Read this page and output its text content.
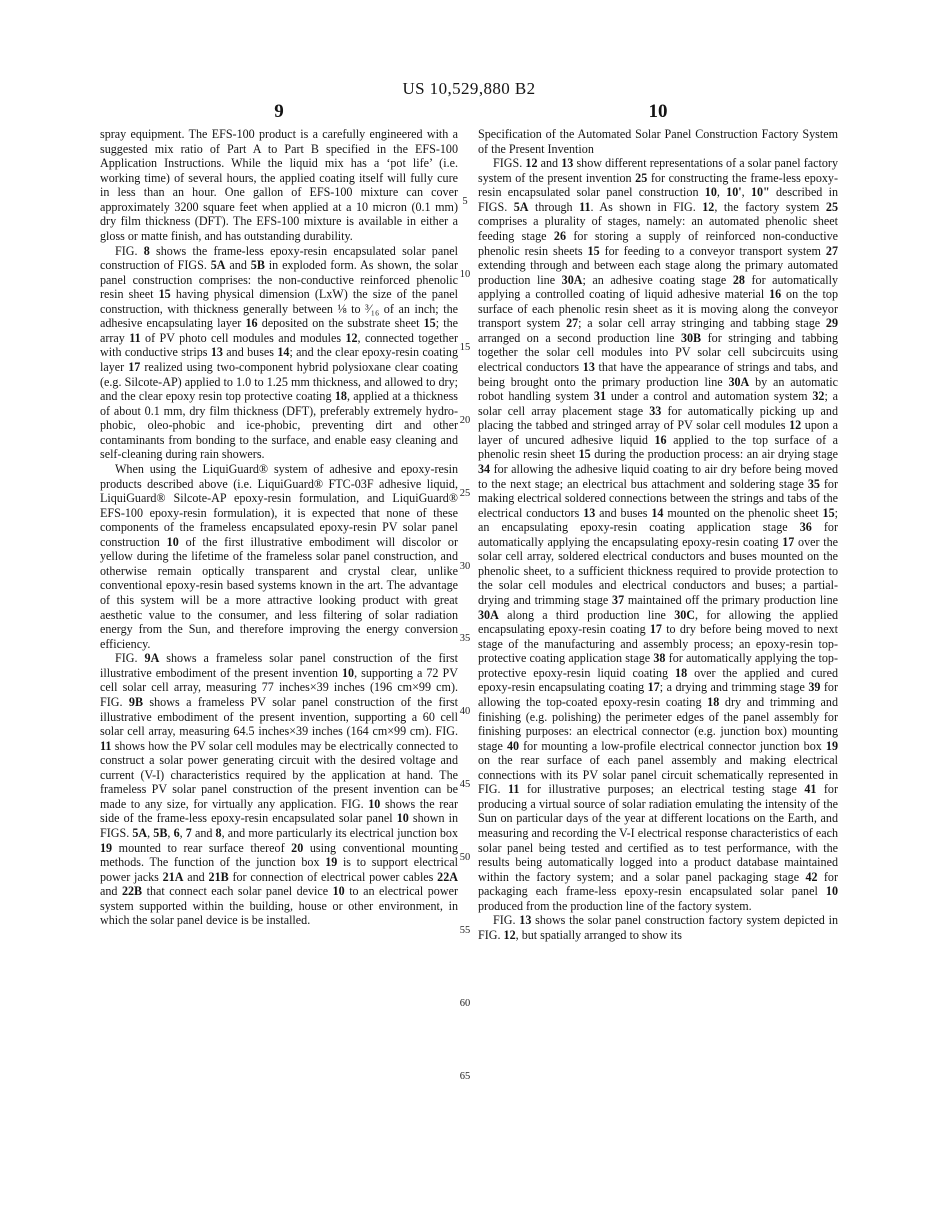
US 10,529,880 B2
9	10
5
10
15
20
25
30
35
40
45
50
55
60
65

spray equipment. The EFS-100 product is a carefully engineered with a suggested mix ratio of Part A to Part B specified in the EFS-100 Application Instructions. While the liquid mix has a ‘pot life’ (i.e. working time) of several hours, the applied coating itself will fully cure in less than an hour. One gallon of EFS-100 mixture can cover approximately 3200 square feet when applied at a 10 micron (0.1 mm) dry film thickness (DFT). The EFS-100 mixture is available in either a gloss or matte finish, and has outstanding durability.

FIG. 8 shows the frame-less epoxy-resin encapsulated solar panel construction of FIGS. 5A and 5B in exploded form. As shown, the solar panel construction comprises: the non-conductive reinforced phenolic resin sheet 15 having physical dimension (LxW) the size of the panel construction, with thickness generally between ⅛ to ³⁄₁₆ of an inch; the adhesive encapsulating layer 16 deposited on the substrate sheet 15; the array 11 of PV photo cell modules and modules 12, connected together with conductive strips 13 and buses 14; and the clear epoxy-resin coating layer 17 realized using two-component hybrid polysioxane clear coating (e.g. Silcote-AP) applied to 1.0 to 1.25 mm thickness, and allowed to dry; and the clear epoxy resin top protective coating 18, applied at a thickness of about 0.1 mm, dry film thickness (DFT), preferably extremely hydro-phobic, oleo-phobic and ice-phobic, preventing dirt and other contaminants from bonding to the surface, and enable easy cleaning and self-cleaning during rain showers.

When using the LiquiGuard® system of adhesive and epoxy-resin products described above (i.e. LiquiGuard® FTC-03F adhesive liquid, LiquiGuard® Silcote-AP epoxy-resin formulation, and LiquiGuard® EFS-100 epoxy-resin formulation), it is expected that none of these components of the frameless encapsulated epoxy-resin PV solar panel construction 10 of the first illustrative embodiment will discolor or yellow during the lifetime of the frameless solar panel construction, and otherwise remain optically transparent and crystal clear, unlike conventional epoxy-resin based systems known in the art. The advantage of this system will be a more attractive looking product with great aesthetic value to the consumer, and less filtering of solar radiation energy from the Sun, and therefore improving the energy conversion efficiency.

FIG. 9A shows a frameless solar panel construction of the first illustrative embodiment of the present invention 10, supporting a 72 PV cell solar cell array, measuring 77 inches×39 inches (196 cm×99 cm). FIG. 9B shows a frameless PV solar panel construction of the first illustrative embodiment of the present invention, supporting a 60 cell solar cell array, measuring 64.5 inches×39 inches (164 cm×99 cm). FIG. 11 shows how the PV solar cell modules may be electrically connected to construct a solar power generating circuit with the desired voltage and current (V-I) characteristics required by the application at hand. The frameless PV solar panel construction of the present invention can be made to any size, for virtually any application. FIG. 10 shows the rear side of the frame-less epoxy-resin encapsulated solar panel 10 shown in FIGS. 5A, 5B, 6, 7 and 8, and more particularly its electrical junction box 19 mounted to rear surface thereof 20 using conventional mounting methods. The function of the junction box 19 is to support electrical power jacks 21A and 21B for connection of electrical power cables 22A and 22B that connect each solar panel device 10 to an electrical power system supported within the building, house or other environment, in which the solar panel device is be installed.

Specification of the Automated Solar Panel Construction Factory System of the Present Invention

FIGS. 12 and 13 show different representations of a solar panel factory system of the present invention 25 for constructing the frame-less epoxy-resin encapsulated solar panel construction 10, 10', 10" described in FIGS. 5A through 11. As shown in FIG. 12, the factory system 25 comprises a plurality of stages, namely: an automated phenolic sheet feeding stage 26 for storing a supply of reinforced non-conductive phenolic resin sheets 15 for feeding to a conveyor transport system 27 extending through and between each stage along the primary automated production line 30A; an adhesive coating stage 28 for automatically applying a controlled coating of liquid adhesive material 16 on the top surface of each phenolic resin sheet as it is moving along the conveyor transport system 27; a solar cell array stringing and tabbing stage 29 arranged on a second production line 30B for stringing and tabbing together the solar cell modules into PV solar cell subcircuits using electrical conductors 13 that have the appearance of strings and tabs, and being brought onto the primary production line 30A by an automatic robot handling system 31 under a control and automation system 32; a solar cell array placement stage 33 for automatically picking up and placing the tabbed and stringed array of PV solar cell modules 12 upon a layer of uncured adhesive liquid 16 applied to the top surface of a phenolic resin sheet 15 during the production process: an air drying stage 34 for allowing the adhesive liquid coating to air dry before being moved to the next stage; an electrical bus attachment and soldering stage 35 for making electrical soldered connections between the strings and tabs of the electrical conductors 13 and buses 14 mounted on the phenolic sheet 15; an encapsulating epoxy-resin coating application stage 36 for automatically applying the encapsulating epoxy-resin coating 17 over the solar cell array, soldered electrical conductors and buses mounted on the phenolic sheet, to a sufficient thickness required to provide protection to the solar cell modules and electrical conductors and buses; a partial-drying and trimming stage 37 maintained off the primary production line 30A along a third production line 30C, for allowing the applied encapsulating epoxy-resin coating 17 to dry before being moved to next stage of the manufacturing and assembly process; an epoxy-resin top-protective coating application stage 38 for automatically applying the top-protective epoxy-resin liquid coating 18 over the applied and cured epoxy-resin encapsulating coating 17; a drying and trimming stage 39 for allowing the top-coated epoxy-resin coating 18 dry and trimming and finishing (e.g. polishing) the perimeter edges of the panel assembly for finishing purposes: an electrical connector (e.g. junction box) mounting stage 40 for mounting a low-profile electrical connector junction box 19 on the rear surface of each panel assembly and making electrical connections with its PV solar panel circuit schematically represented in FIG. 11 for illustrative purposes; an electrical testing stage 41 for producing a virtual source of solar radiation emulating the intensity of the Sun on particular days of the year at different locations on the Earth, and measuring and recording the V-I electrical response characteristics of each solar panel being tested and certified as to test performance, with the results being automatically logged into a product database maintained within the factory system; and a solar panel packaging stage 42 for packaging each frame-less epoxy-resin encapsulated solar panel 10 produced from the production line of the factory system.

FIG. 13 shows the solar panel construction factory system depicted in FIG. 12, but spatially arranged to show its
